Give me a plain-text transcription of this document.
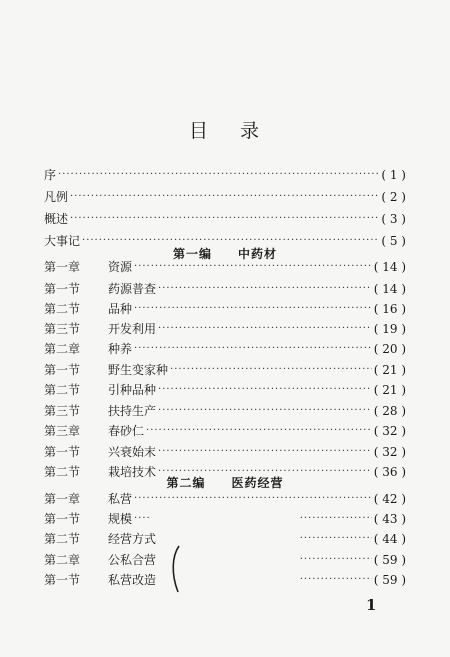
目 录
序 ·····	( 1 )
凡例 ·····	( 2 )
概述 ·····	( 3 )
大事记 ·····	( 5 )
第一编 中药材
第一章	资源 ·····	( 14 )
第一节	药源普查 ·····	( 14 )
第二节	品种 ·····	( 16 )
第三节	开发利用 ·····	( 19 )
第二章	种养 ·····	( 20 )
第一节	野生变家种 ·····	( 21 )
第二节	引种品种 ·····	( 21 )
第三节	扶持生产 ·····	( 28 )
第三章	春砂仁 ·····	( 32 )
第一节	兴衰始末 ·····	( 32 )
第二节	栽培技术 ·····	( 36 )
第二编 医药经营
第一章	私营 ·····	( 42 )
第一节	规模 ····· ·····	( 43 )
第二节	经营方式 ·····	( 44 )
第二章	公私合营 ·····	( 59 )
第一节	私营改造 ·····	( 59 )
1
